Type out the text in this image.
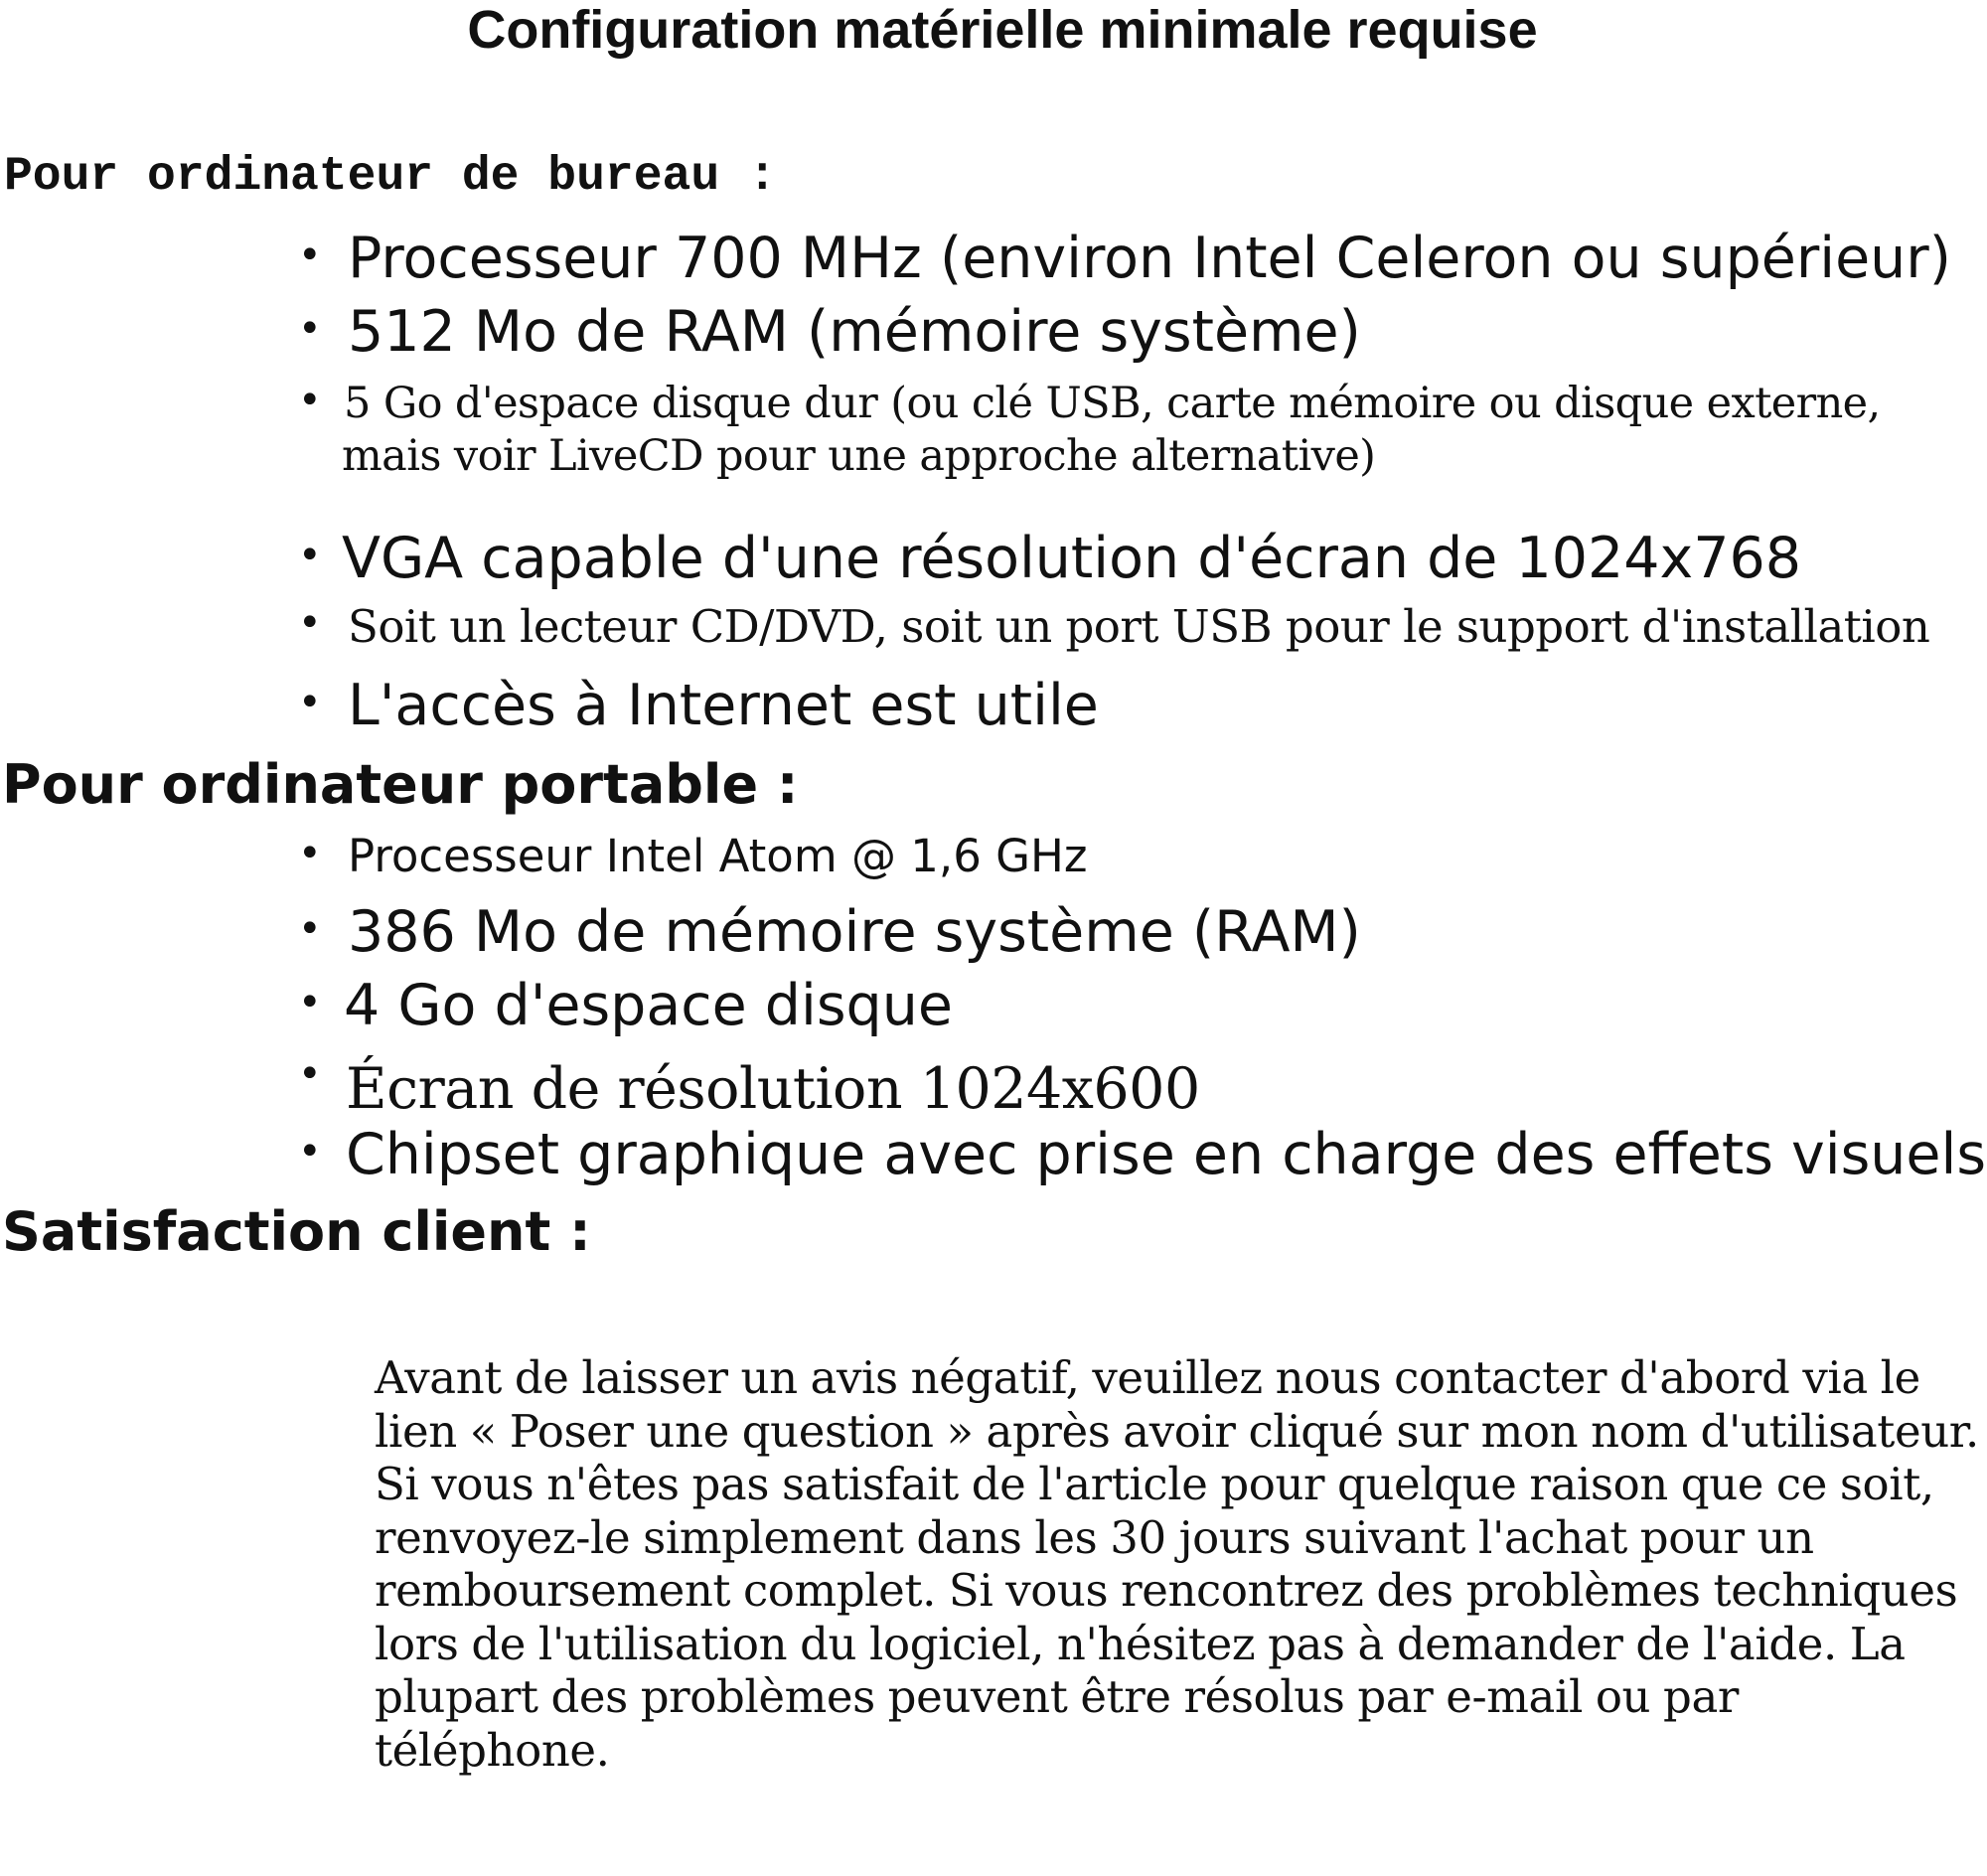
Configuration matérielle minimale requise
Pour ordinateur de bureau :
• Processeur 700 MHz (environ Intel Celeron ou supérieur)
• 512 Mo de RAM (mémoire système)
• 5 Go d'espace disque dur (ou clé USB, carte mémoire ou disque externe,
mais voir LiveCD pour une approche alternative)
• VGA capable d'une résolution d'écran de 1024x768
• Soit un lecteur CD/DVD, soit un port USB pour le support d'installation
• L'accès à Internet est utile
Pour ordinateur portable :
• Processeur Intel Atom @ 1,6 GHz
• 386 Mo de mémoire système (RAM)
• 4 Go d'espace disque
• Écran de résolution 1024x600
• Chipset graphique avec prise en charge des effets visuels
Satisfaction client :
Avant de laisser un avis négatif, veuillez nous contacter d'abord via le lien « Poser une question » après avoir cliqué sur mon nom d'utilisateur. Si vous n'êtes pas satisfait de l'article pour quelque raison que ce soit, renvoyez-le simplement dans les 30 jours suivant l'achat pour un remboursement complet. Si vous rencontrez des problèmes techniques lors de l'utilisation du logiciel, n'hésitez pas à demander de l'aide. La plupart des problèmes peuvent être résolus par e-mail ou par téléphone.
